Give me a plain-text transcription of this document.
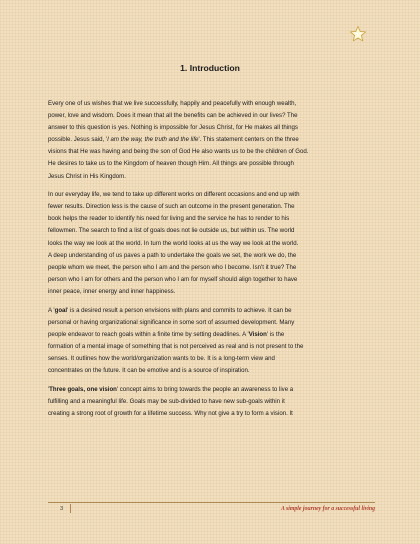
1. Introduction

Every one of us wishes that we live successfully, happily and peacefully with enough wealth,
power, love and wisdom. Does it mean that all the benefits can be achieved in our lives? The
answer to this question is yes. Nothing is impossible for Jesus Christ, for He makes all things
possible. Jesus said, 'I am the way, the truth and the life'. This statement centers on the three
visions that He was having and being the son of God He also wants us to be the children of God.
He desires to take us to the Kingdom of heaven though Him. All things are possible through
Jesus Christ in His Kingdom.

In our everyday life, we tend to take up different works on different occasions and end up with
fewer results. Direction less is the cause of such an outcome in the present generation. The
book helps the reader to identify his need for living and the service he has to render to his
fellowmen. The search to find a list of goals does not lie outside us, but within us. The world
looks the way we look at the world. In turn the world looks at us the way we look at the world.
A deep understanding of us paves a path to undertake the goals we set, the work we do, the
people whom we meet, the person who I am and the person who I become. Isn't it true? The
person who I am for others and the person who I am for myself should align together to have
inner peace, inner energy and inner happiness.

A 'goal' is a desired result a person envisions with plans and commits to achieve. It can be
personal or having organizational significance in some sort of assumed development. Many
people endeavor to reach goals within a finite time by setting deadlines. A 'Vision' is the
formation of a mental image of something that is not perceived as real and is not present to the
senses. It outlines how the world/organization wants to be. It is a long-term view and
concentrates on the future. It can be emotive and is a source of inspiration.

'Three goals, one vision' concept aims to bring towards the people an awareness to live a
fulfilling and a meaningful life. Goals may be sub-divided to have new sub-goals within it
creating a strong root of growth for a lifetime success. Why not give a try to form a vision. It

3	A simple journey for a successful living
